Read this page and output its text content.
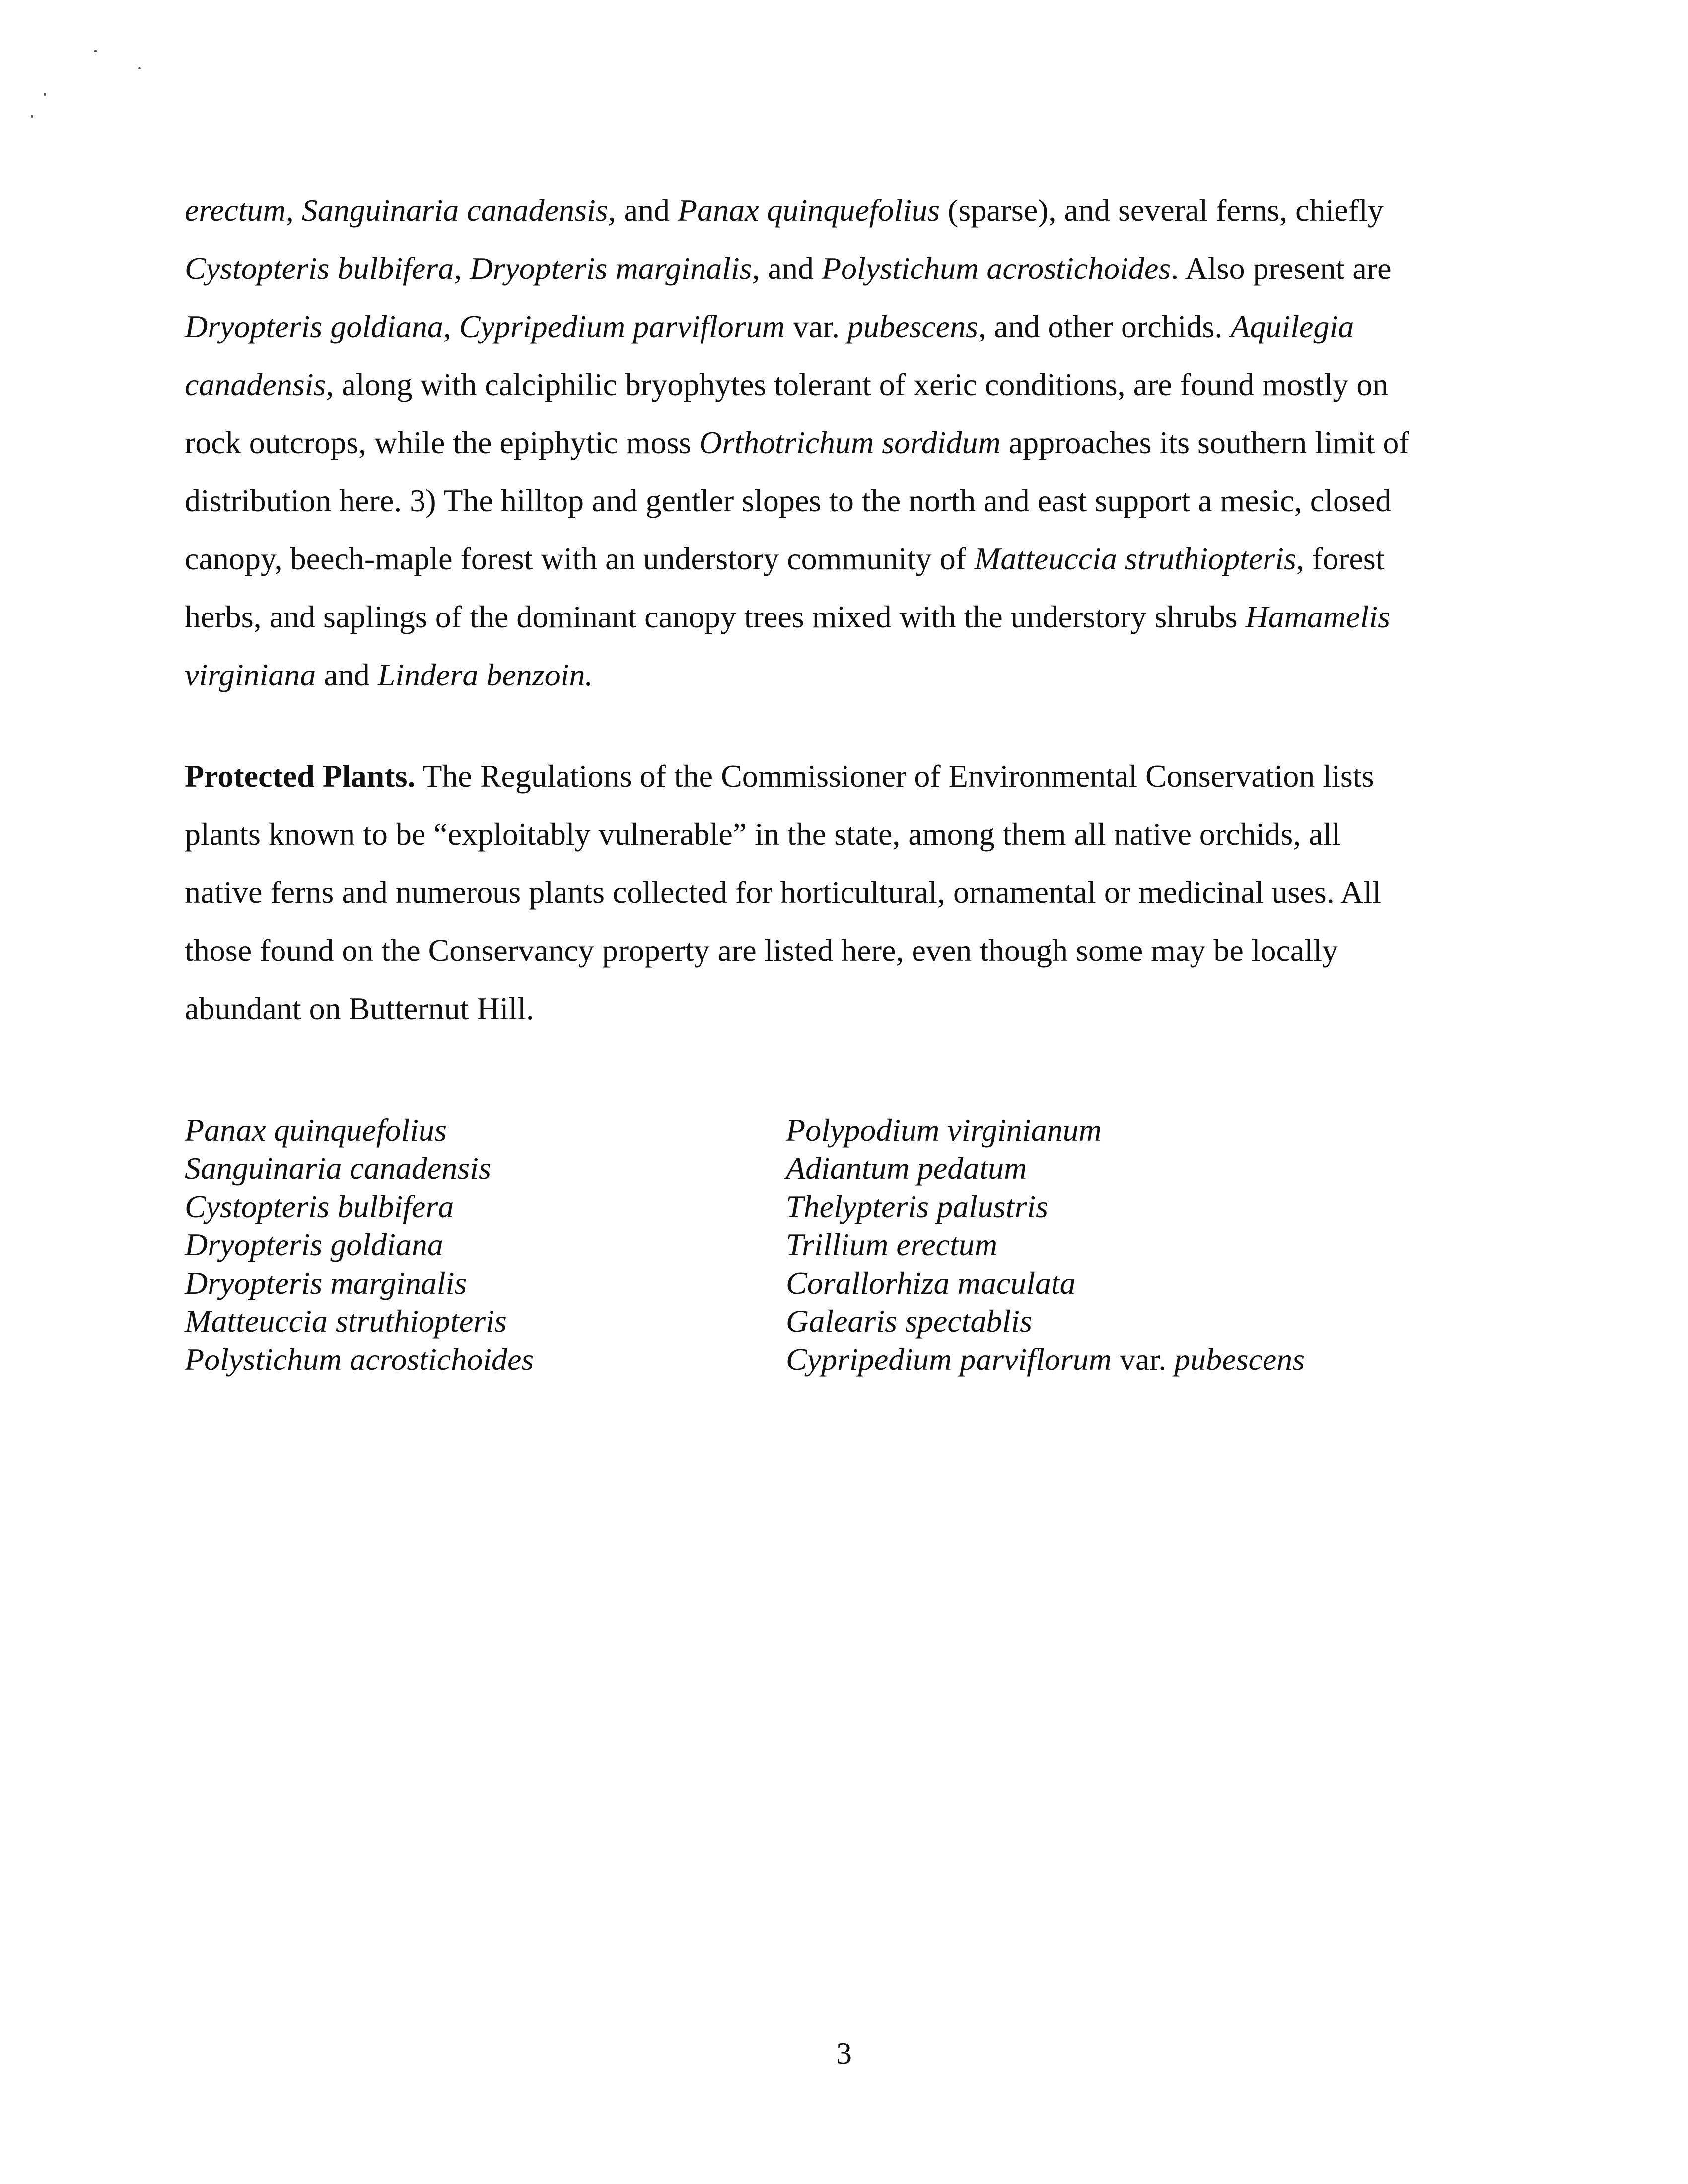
erectum, Sanguinaria canadensis, and Panax quinquefolius (sparse), and several ferns, chiefly
Cystopteris bulbifera, Dryopteris marginalis, and Polystichum acrostichoides. Also present are
Dryopteris goldiana, Cypripedium parviflorum var. pubescens, and other orchids. Aquilegia
canadensis, along with calciphilic bryophytes tolerant of xeric conditions, are found mostly on
rock outcrops, while the epiphytic moss Orthotrichum sordidum approaches its southern limit of
distribution here. 3) The hilltop and gentler slopes to the north and east support a mesic, closed
canopy, beech-maple forest with an understory community of Matteuccia struthiopteris, forest
herbs, and saplings of the dominant canopy trees mixed with the understory shrubs Hamamelis
virginiana and Lindera benzoin.
Protected Plants. The Regulations of the Commissioner of Environmental Conservation lists
plants known to be “exploitably vulnerable” in the state, among them all native orchids, all
native ferns and numerous plants collected for horticultural, ornamental or medicinal uses. All
those found on the Conservancy property are listed here, even though some may be locally
abundant on Butternut Hill.
Panax quinquefolius
Sanguinaria canadensis
Cystopteris bulbifera
Dryopteris goldiana
Dryopteris marginalis
Matteuccia struthiopteris
Polystichum acrostichoides
Polypodium virginianum
Adiantum pedatum
Thelypteris palustris
Trillium erectum
Corallorhiza maculata
Galearis spectablis
Cypripedium parviflorum var. pubescens
3
